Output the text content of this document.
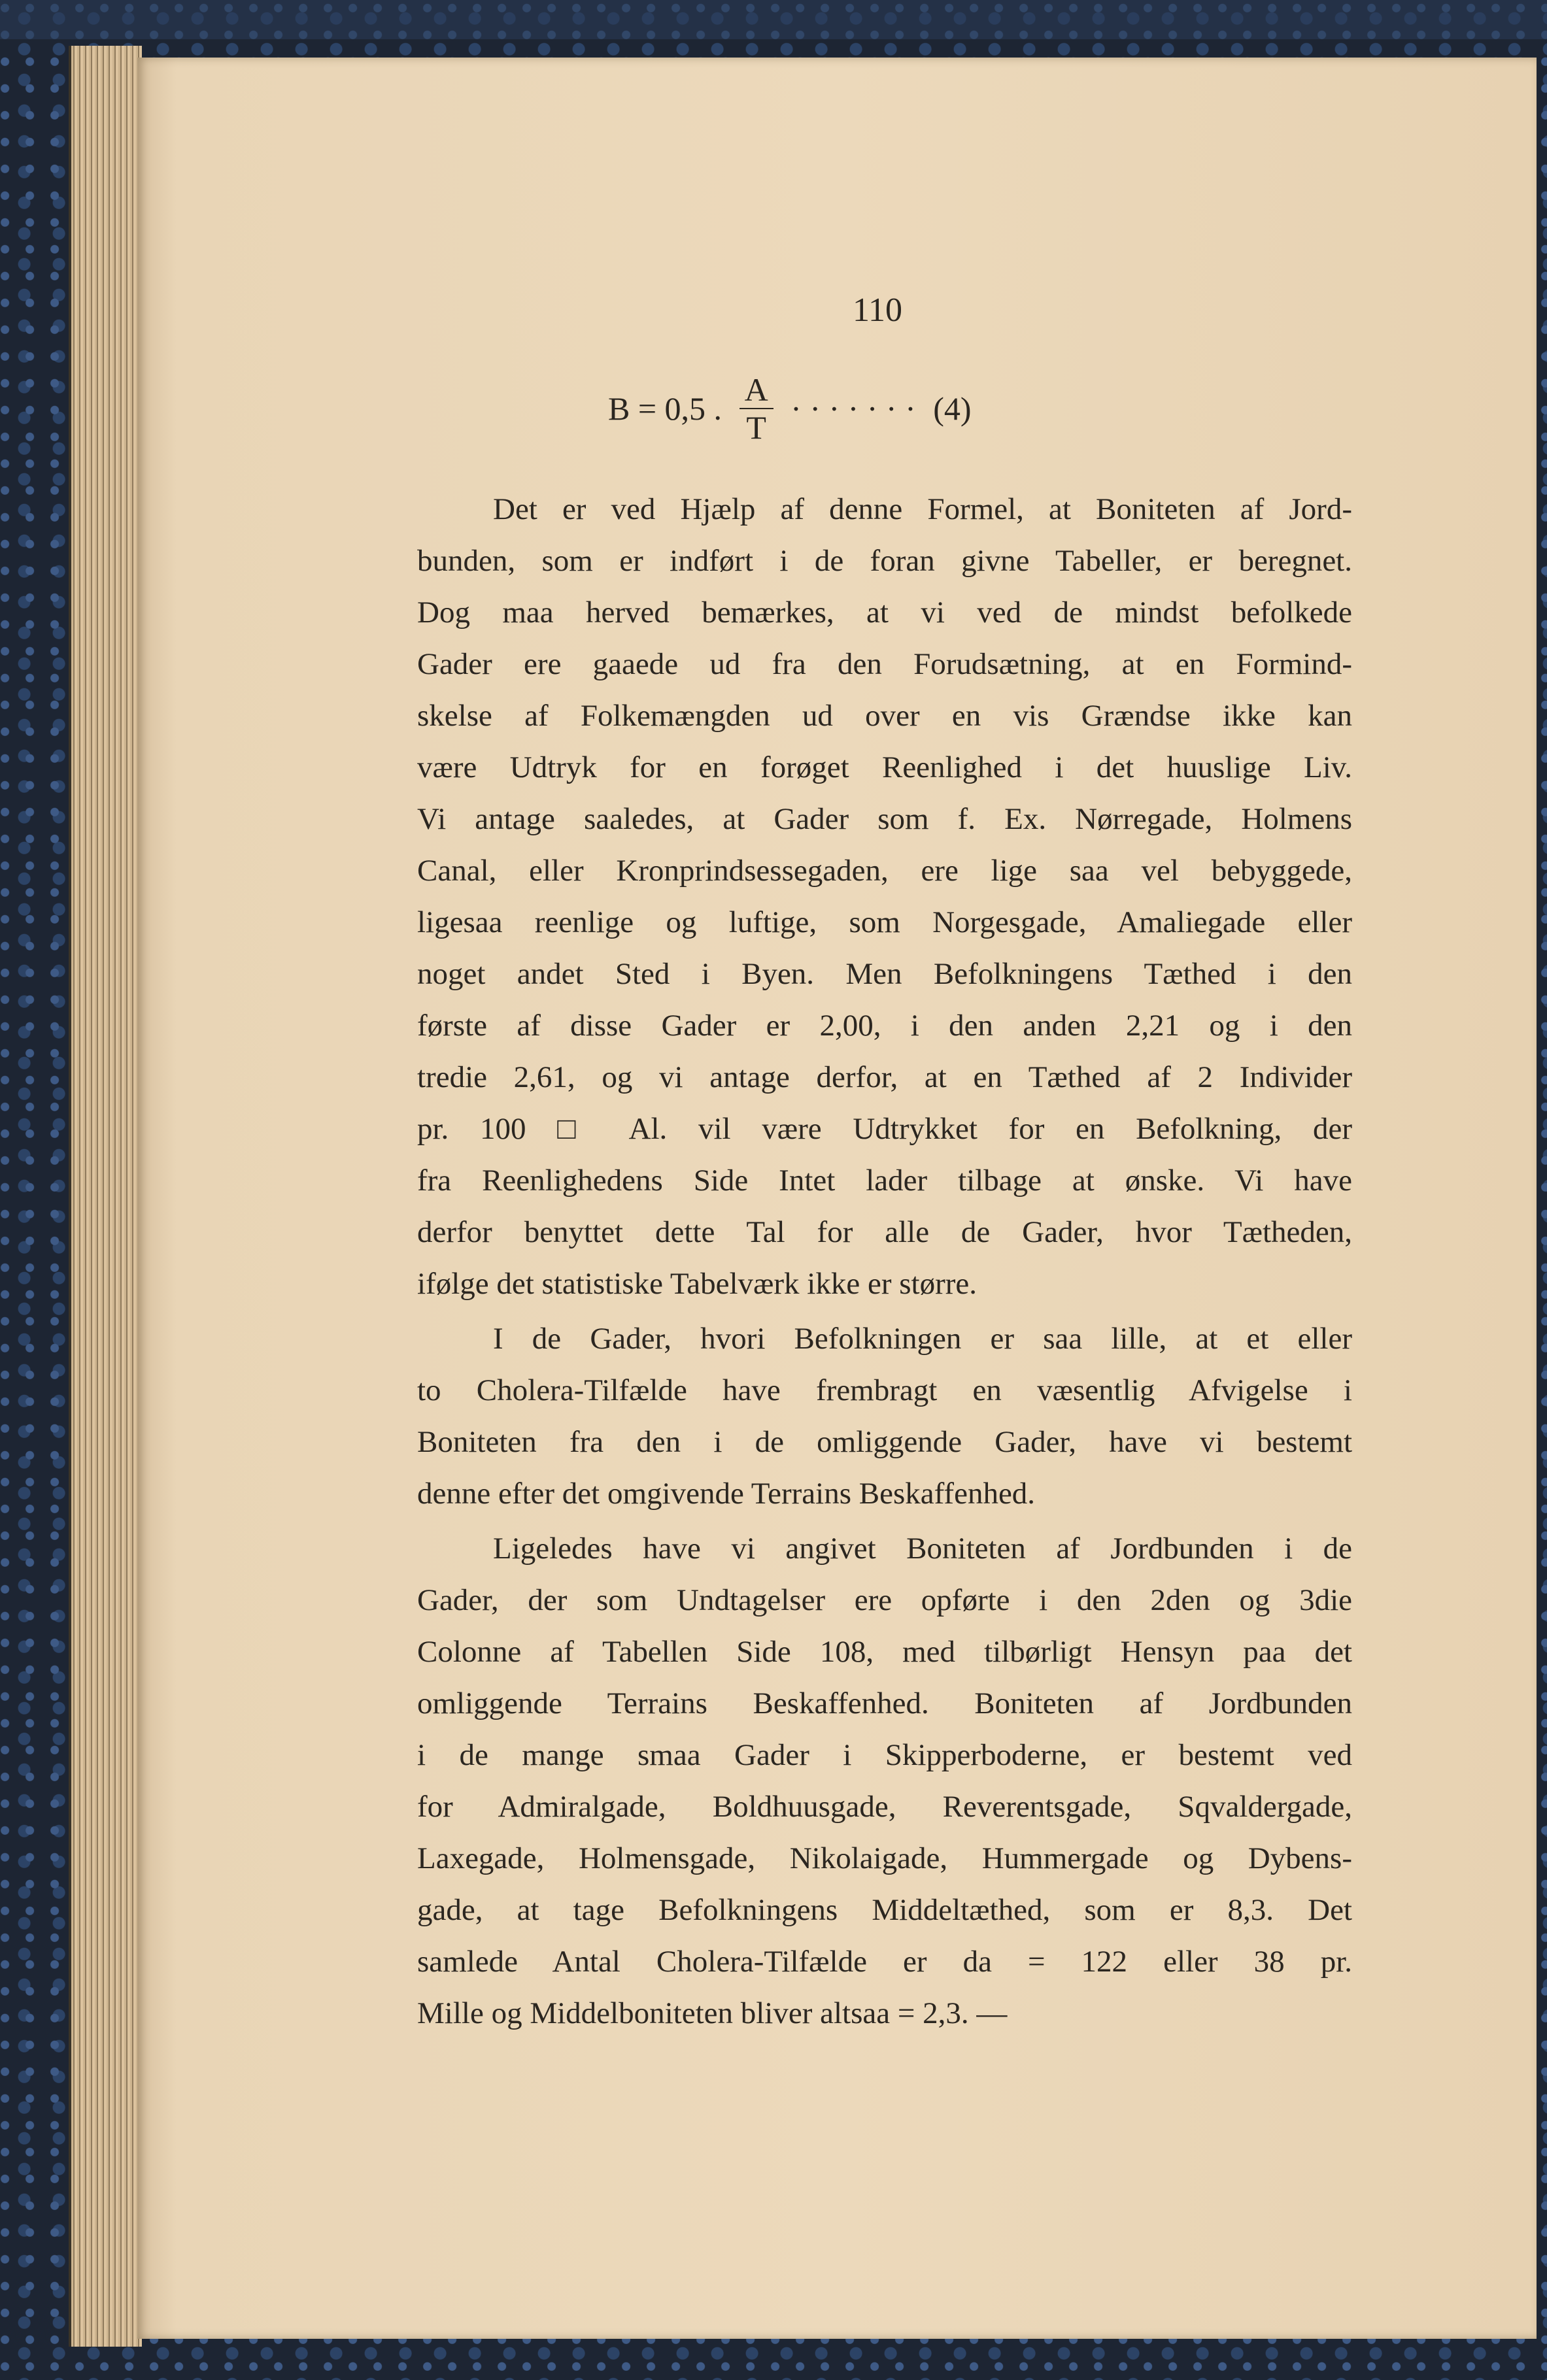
110
B = 0,5 . $\frac{A}{T}$ · · · · · · · (4)
Det er ved Hjælp af denne Formel, at Boniteten af Jord-
bunden, som er indført i de foran givne Tabeller, er beregnet.
Dog maa herved bemærkes, at vi ved de mindst befolkede
Gader ere gaaede ud fra den Forudsætning, at en Formind-
skelse af Folkemængden ud over en vis Grændse ikke kan
være Udtryk for en forøget Reenlighed i det huuslige Liv.
Vi antage saaledes, at Gader som f. Ex. Nørregade, Holmens
Canal, eller Kronprindsessegaden, ere lige saa vel bebyggede,
ligesaa reenlige og luftige, som Norgesgade, Amaliegade eller
noget andet Sted i Byen. Men Befolkningens Tæthed i den
første af disse Gader er 2,00, i den anden 2,21 og i den
tredie 2,61, og vi antage derfor, at en Tæthed af 2 Individer
pr. 100 □ Al. vil være Udtrykket for en Befolkning, der
fra Reenlighedens Side Intet lader tilbage at ønske. Vi have
derfor benyttet dette Tal for alle de Gader, hvor Tætheden,
ifølge det statistiske Tabelværk ikke er større.
I de Gader, hvori Befolkningen er saa lille, at et eller
to Cholera-Tilfælde have frembragt en væsentlig Afvigelse i
Boniteten fra den i de omliggende Gader, have vi bestemt
denne efter det omgivende Terrains Beskaffenhed.
Ligeledes have vi angivet Boniteten af Jordbunden i de
Gader, der som Undtagelser ere opførte i den 2den og 3die
Colonne af Tabellen Side 108, med tilbørligt Hensyn paa det
omliggende Terrains Beskaffenhed. Boniteten af Jordbunden
i de mange smaa Gader i Skipperboderne, er bestemt ved
for Admiralgade, Boldhuusgade, Reverentsgade, Sqvaldergade,
Laxegade, Holmensgade, Nikolaigade, Hummergade og Dybens-
gade, at tage Befolkningens Middeltæthed, som er 8,3. Det
samlede Antal Cholera-Tilfælde er da = 122 eller 38 pr.
Mille og Middelboniteten bliver altsaa = 2,3. —
